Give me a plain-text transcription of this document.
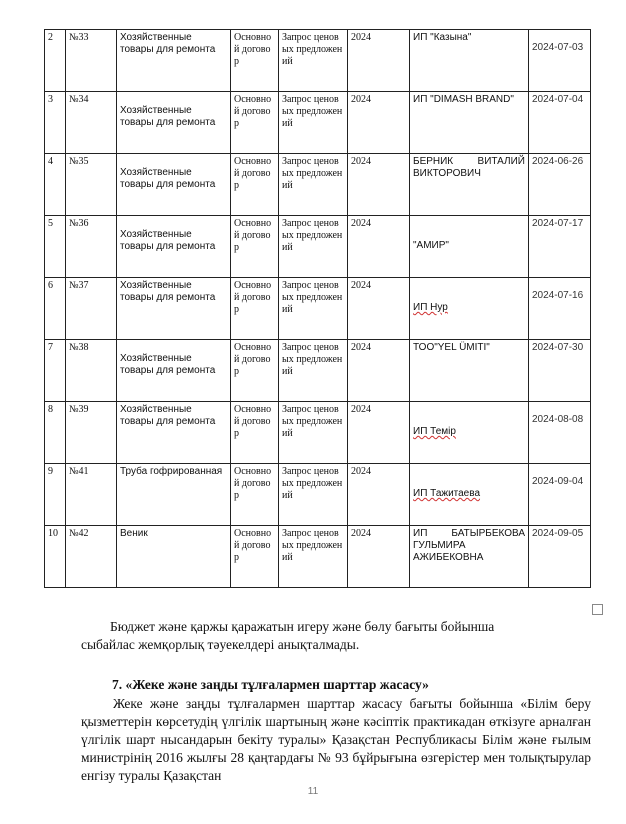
2	№33	Хозяйственные товары для ремонта	Основной договор	Запрос ценовых предложений	2024	ИП "Казына"	2024-07-03

3	№34	Хозяйственные товары для ремонта	Основной договор	Запрос ценовых предложений	2024	ИП "DIMASH BRAND"	2024-07-04

4	№35	Хозяйственные товары для ремонта	Основной договор	Запрос ценовых предложений	2024	БЕРНИК ВИТАЛИЙ ВИКТОРОВИЧ	2024-06-26

5	№36	Хозяйственные товары для ремонта	Основной договор	Запрос ценовых предложений	2024	"АМИР"	2024-07-17

6	№37	Хозяйственные товары для ремонта	Основной договор	Запрос ценовых предложений	2024	ИП Нур	2024-07-16

7	№38	Хозяйственные товары для ремонта	Основной договор	Запрос ценовых предложений	2024	ТОО"YEL ÜMITI"	2024-07-30

8	№39	Хозяйственные товары для ремонта	Основной договор	Запрос ценовых предложений	2024	ИП Темір	2024-08-08

9	№41	Труба гофрированная	Основной договор	Запрос ценовых предложений	2024	ИП Тажитаева	2024-09-04

10	№42	Веник	Основной договор	Запрос ценовых предложений	2024	ИП БАТЫРБЕКОВА ГУЛЬМИРА АЖИБЕКОВНА	2024-09-05
Бюджет және қаржы қаражатын игеру және бөлу бағыты бойынша
сыбайлас жемқорлық тәуекелдері анықталмады.
7. «Жеке және заңды тұлғалармен шарттар жасасу»
Жеке және заңды тұлғалармен шарттар жасасу бағыты бойынша «Білім беру қызметтерін көрсетудің үлгілік шартының және кәсіптік практикадан өткізуге арналған үлгілік шарт нысандарын бекіту туралы» Қазақстан Республикасы Білім және ғылым министрінің 2016 жылғы 28 қаңтардағы № 93 бұйрығына өзгерістер мен толықтырулар енгізу туралы Қазақстан
11
